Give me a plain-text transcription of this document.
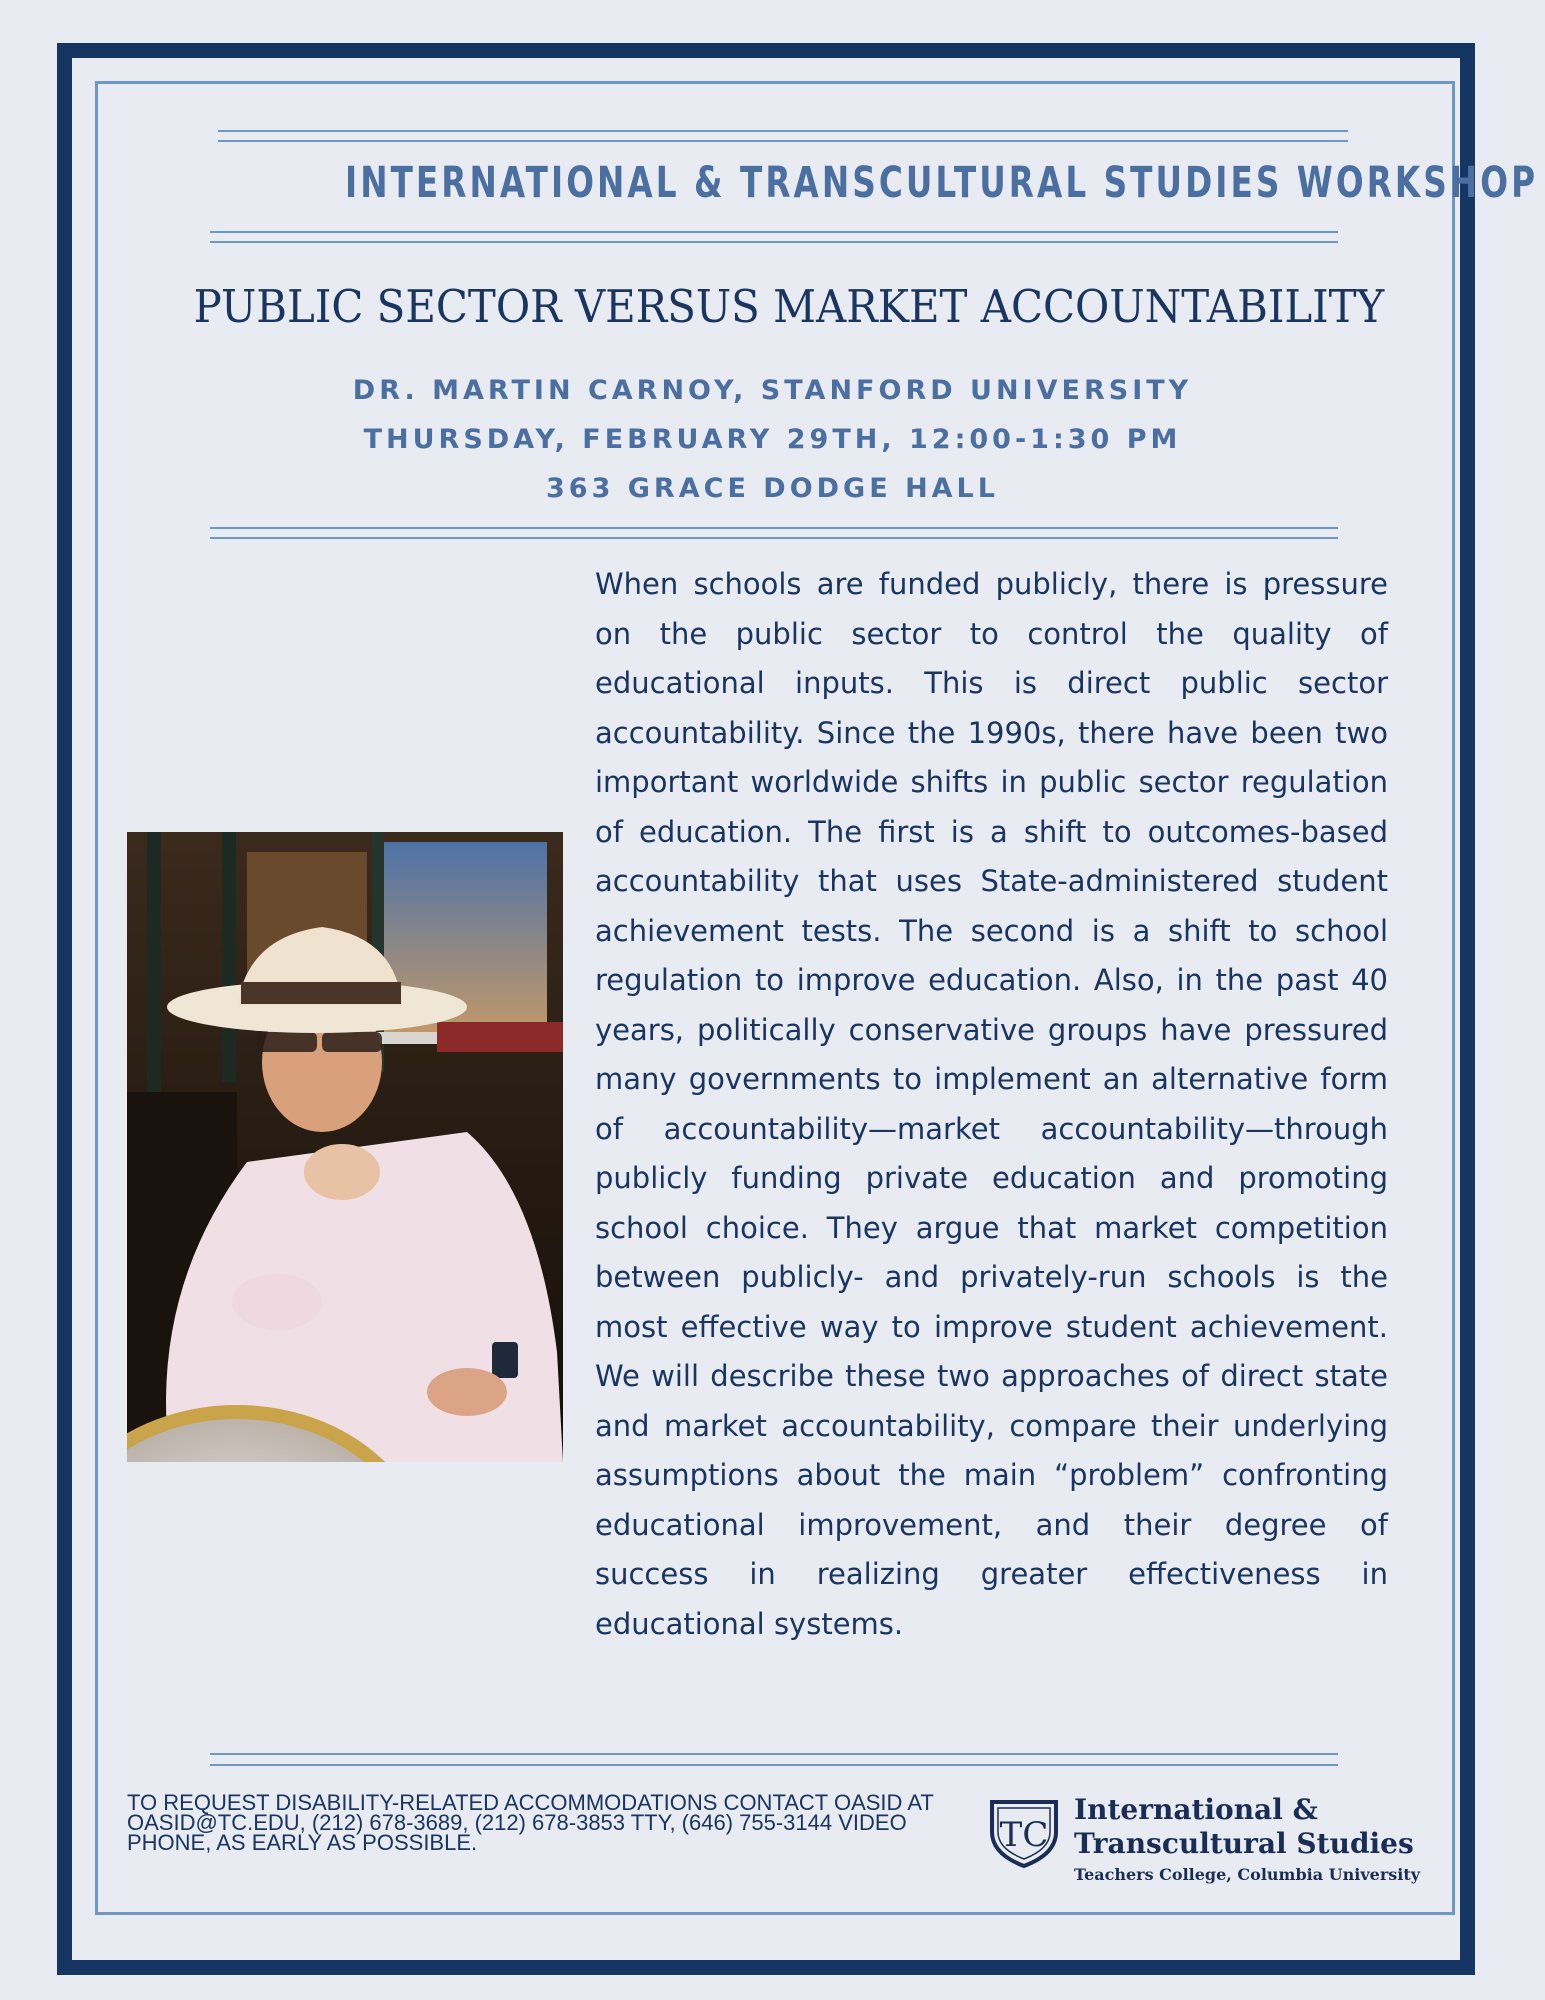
INTERNATIONAL & TRANSCULTURAL STUDIES WORKSHOP
PUBLIC SECTOR VERSUS MARKET ACCOUNTABILITY
DR. MARTIN CARNOY, STANFORD UNIVERSITY
THURSDAY, FEBRUARY 29TH, 12:00-1:30 PM
363 GRACE DODGE HALL

When schools are funded publicly, there is pressure on the public sector to control the quality of educational inputs. This is direct public sector accountability. Since the 1990s, there have been two important worldwide shifts in public sector regulation of education. The first is a shift to outcomes-based accountability that uses State-administered student achievement tests. The second is a shift to school regulation to improve education. Also, in the past 40 years, politically conservative groups have pressured many governments to implement an alternative form of accountability—market accountability—through publicly funding private education and promoting school choice. They argue that market competition between publicly- and privately-run schools is the most effective way to improve student achievement. We will describe these two approaches of direct state and market accountability, compare their underlying assumptions about the main “problem” confronting educational improvement, and their degree of success in realizing greater effectiveness in educational systems.

TO REQUEST DISABILITY-RELATED ACCOMMODATIONS CONTACT OASID AT OASID@TC.EDU, (212) 678-3689, (212) 678-3853 TTY, (646) 755-3144 VIDEO PHONE, AS EARLY AS POSSIBLE.	TC
International &
Transcultural Studies
Teachers College, Columbia University
